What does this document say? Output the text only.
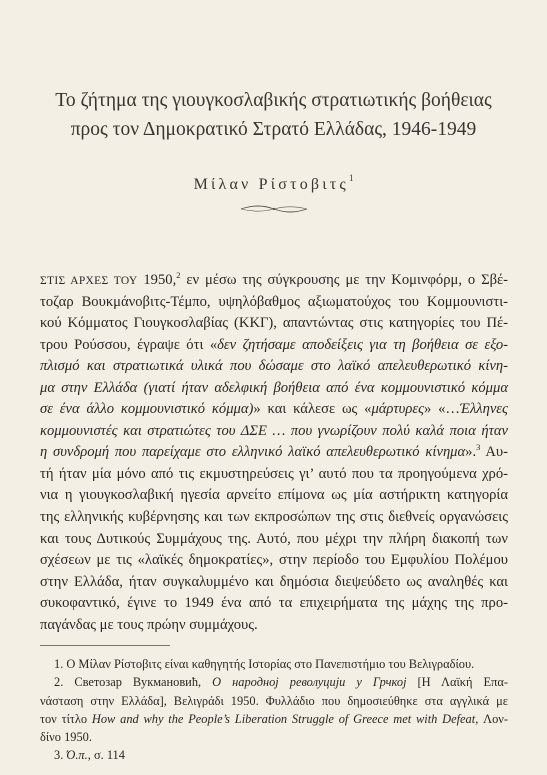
Το ζήτημα της γιουγκοσλαβικής στρατιωτικής βοήθειας
προς τον Δημοκρατικό Στρατό Ελλάδας, 1946-1949
Μίλαν Ρίστοβιτς$^1$
ΣΤΙΣ ΑΡΧΕΣ ΤΟΥ 1950,$^2$ εν μέσω της σύγκρουσης με την Κομινφόρμ, ο Σβέ-
τοζαρ Βουκμάνοβιτς-Τέμπο, υψηλόβαθμος αξιωματούχος του Κομμουνιστι-
κού Κόμματος Γιουγκοσλαβίας (ΚΚΓ), απαντώντας στις κατηγορίες του Πέ-
τρου Ρούσσου, έγραψε ότι «δεν ζητήσαμε αποδείξεις για τη βοήθεια σε εξο-
πλισμό και στρατιωτικά υλικά που δώσαμε στο λαϊκό απελευθερωτικό κίνη-
μα στην Ελλάδα (γιατί ήταν αδελφική βοήθεια από ένα κομμουνιστικό κόμμα
σε ένα άλλο κομμουνιστικό κόμμα)» και κάλεσε ως «μάρτυρες» «…Έλληνες
κομμουνιστές και στρατιώτες του ΔΣΕ … που γνωρίζουν πολύ καλά ποια ήταν
η συνδρομή που παρείχαμε στο ελληνικό λαϊκό απελευθερωτικό κίνημα».$^3$ Αυ-
τή ήταν μία μόνο από τις εκμυστηρεύσεις γι’ αυτό που τα προηγούμενα χρό-
νια η γιουγκοσλαβική ηγεσία αρνείτο επίμονα ως μία αστήρικτη κατηγορία
της ελληνικής κυβέρνησης και των εκπροσώπων της στις διεθνείς οργανώσεις
και τους Δυτικούς Συμμάχους της. Αυτό, που μέχρι την πλήρη διακοπή των
σχέσεων με τις «λαϊκές δημοκρατίες», στην περίοδο του Εμφυλίου Πολέμου
στην Ελλάδα, ήταν συγκαλυμμένο και δημόσια διεψεύδετο ως αναληθές και
συκοφαντικό, έγινε το 1949 ένα από τα επιχειρήματα της μάχης της προ-
παγάνδας με τους πρώην συμμάχους.
1. Ο Μίλαν Ρίστοβιτς είναι καθηγητής Ιστορίας στο Πανεπιστήμιο του Βελιγραδίου.
2. Светозар Вукмановић, О народној револуцији у Грчкој [Η Λαϊκή Επα-
νάσταση στην Ελλάδα], Βελιγράδι 1950. Φυλλάδιο που δημοσιεύθηκε στα αγγλικά με
τον τίτλο How and why the People’s Liberation Struggle of Greece met with Defeat, Λον-
δίνο 1950.
3. Ό.π., σ. 114
